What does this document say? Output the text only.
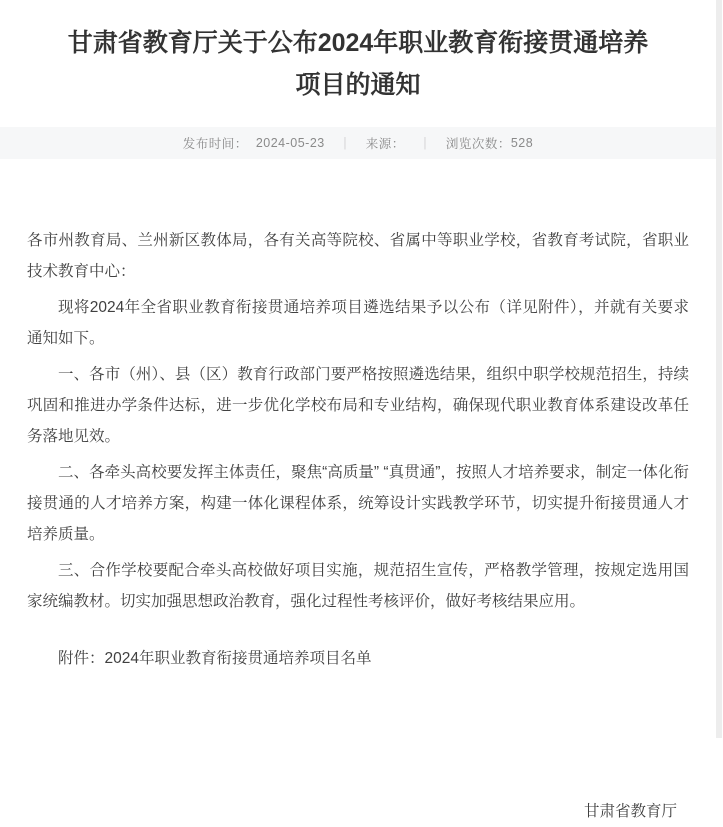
甘肃省教育厅关于公布2024年职业教育衔接贯通培养
项目的通知
发布时间： 2024-05-23 ｜ 来源： ｜ 浏览次数： 528

各市州教育局、兰州新区教体局，各有关高等院校、省属中等职业学校，省教育考试院，省职业技术教育中心：

现将2024年全省职业教育衔接贯通培养项目遴选结果予以公布（详见附件），并就有关要求通知如下。

一、各市（州）、县（区）教育行政部门要严格按照遴选结果，组织中职学校规范招生，持续巩固和推进办学条件达标，进一步优化学校布局和专业结构，确保现代职业教育体系建设改革任务落地见效。

二、各牵头高校要发挥主体责任，聚焦“高质量” “真贯通”，按照人才培养要求，制定一体化衔接贯通的人才培养方案，构建一体化课程体系，统筹设计实践教学环节，切实提升衔接贯通人才培养质量。

三、合作学校要配合牵头高校做好项目实施，规范招生宣传，严格教学管理，按规定选用国家统编教材。切实加强思想政治教育，强化过程性考核评价，做好考核结果应用。

附件：2024年职业教育衔接贯通培养项目名单

甘肃省教育厅
